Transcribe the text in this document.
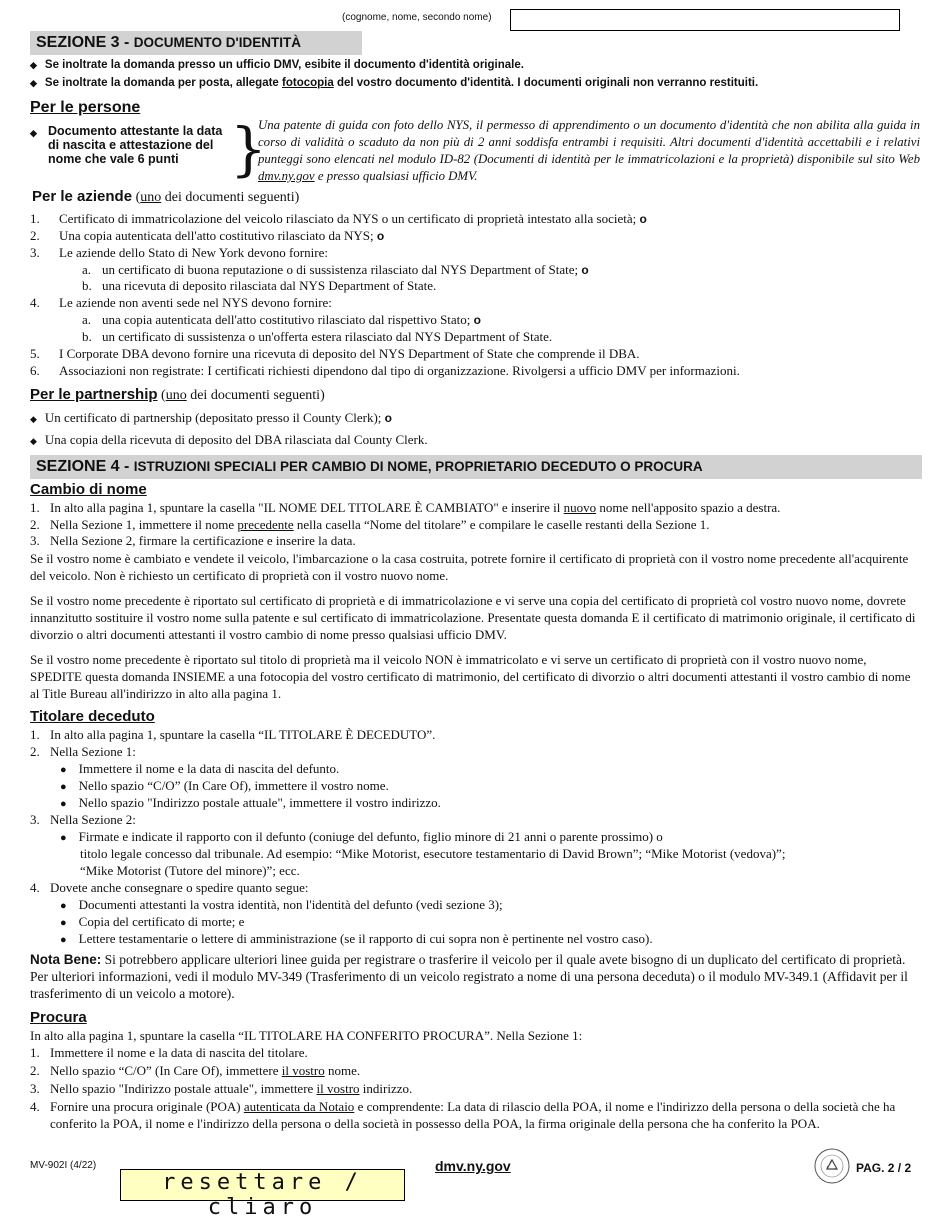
(cognome, nome, secondo nome)
SEZIONE 3 - DOCUMENTO D'IDENTITÀ
◆ Se inoltrate la domanda presso un ufficio DMV, esibite il documento d'identità originale.
◆ Se inoltrate la domanda per posta, allegate fotocopia del vostro documento d'identità. I documenti originali non verranno restituiti.
Per le persone
◆ Documento attestante la data di nascita e attestazione del nome che vale 6 punti }
Una patente di guida con foto dello NYS, il permesso di apprendimento o un documento d'identità che non abilita alla guida in corso di validità o scaduto da non più di 2 anni soddisfa entrambi i requisiti. Altri documenti d'identità accettabili e i relativi punteggi sono elencati nel modulo ID-82 (Documenti di identità per le immatricolazioni e la proprietà) disponibile sul sito Web dmv.ny.gov e presso qualsiasi ufficio DMV.
Per le aziende (uno dei documenti seguenti)
1. Certificato di immatricolazione del veicolo rilasciato da NYS o un certificato di proprietà intestato alla società; o
2. Una copia autenticata dell'atto costitutivo rilasciato da NYS; o
3. Le aziende dello Stato di New York devono fornire:
a. un certificato di buona reputazione o di sussistenza rilasciato dal NYS Department of State; o
b. una ricevuta di deposito rilasciata dal NYS Department of State.
4. Le aziende non aventi sede nel NYS devono fornire:
a. una copia autenticata dell'atto costitutivo rilasciato dal rispettivo Stato; o
b. un certificato di sussistenza o un'offerta estera rilasciato dal NYS Department of State.
5. I Corporate DBA devono fornire una ricevuta di deposito del NYS Department of State che comprende il DBA.
6. Associazioni non registrate: I certificati richiesti dipendono dal tipo di organizzazione. Rivolgersi a ufficio DMV per informazioni.
Per le partnership (uno dei documenti seguenti)
◆ Un certificato di partnership (depositato presso il County Clerk); o
◆ Una copia della ricevuta di deposito del DBA rilasciata dal County Clerk.
SEZIONE 4 - ISTRUZIONI SPECIALI PER CAMBIO DI NOME, PROPRIETARIO DECEDUTO O PROCURA
Cambio di nome
1. In alto alla pagina 1, spuntare la casella "IL NOME DEL TITOLARE È CAMBIATO" e inserire il nuovo nome nell'apposito spazio a destra.
2. Nella Sezione 1, immettere il nome precedente nella casella “Nome del titolare” e compilare le caselle restanti della Sezione 1.
3. Nella Sezione 2, firmare la certificazione e inserire la data.
Se il vostro nome è cambiato e vendete il veicolo, l'imbarcazione o la casa costruita, potrete fornire il certificato di proprietà con il vostro nome precedente all'acquirente del veicolo. Non è richiesto un certificato di proprietà con il vostro nuovo nome.
Se il vostro nome precedente è riportato sul certificato di proprietà e di immatricolazione e vi serve una copia del certificato di proprietà col vostro nuovo nome, dovrete innanzitutto sostituire il vostro nome sulla patente e sul certificato di immatricolazione. Presentate questa domanda E il certificato di matrimonio originale, il certificato di divorzio o altri documenti attestanti il vostro cambio di nome presso qualsiasi ufficio DMV.
Se il vostro nome precedente è riportato sul titolo di proprietà ma il veicolo NON è immatricolato e vi serve un certificato di proprietà con il vostro nuovo nome, SPEDITE questa domanda INSIEME a una fotocopia del vostro certificato di matrimonio, del certificato di divorzio o altri documenti attestanti il vostro cambio di nome al Title Bureau all'indirizzo in alto alla pagina 1.
Titolare deceduto
1. In alto alla pagina 1, spuntare la casella “IL TITOLARE È DECEDUTO”.
2. Nella Sezione 1:
● Immettere il nome e la data di nascita del defunto.
● Nello spazio “C/O” (In Care Of), immettere il vostro nome.
● Nello spazio "Indirizzo postale attuale", immettere il vostro indirizzo.
3. Nella Sezione 2:
● Firmate e indicate il rapporto con il defunto (coniuge del defunto, figlio minore di 21 anni o parente prossimo) o
titolo legale concesso dal tribunale. Ad esempio: “Mike Motorist, esecutore testamentario di David Brown”; “Mike Motorist (vedova)”;
“Mike Motorist (Tutore del minore)”; ecc.
4. Dovete anche consegnare o spedire quanto segue:
● Documenti attestanti la vostra identità, non l'identità del defunto (vedi sezione 3);
● Copia del certificato di morte; e
● Lettere testamentarie o lettere di amministrazione (se il rapporto di cui sopra non è pertinente nel vostro caso).
Nota Bene: Si potrebbero applicare ulteriori linee guida per registrare o trasferire il veicolo per il quale avete bisogno di un duplicato del certificato di proprietà. Per ulteriori informazioni, vedi il modulo MV-349 (Trasferimento di un veicolo registrato a nome di una persona deceduta) o il modulo MV-349.1 (Affidavit per il trasferimento di un veicolo a motore).
Procura
In alto alla pagina 1, spuntare la casella “IL TITOLARE HA CONFERITO PROCURA”. Nella Sezione 1:
1. Immettere il nome e la data di nascita del titolare.
2. Nello spazio “C/O” (In Care Of), immettere il vostro nome.
3. Nello spazio "Indirizzo postale attuale", immettere il vostro indirizzo.
4. Fornire una procura originale (POA) autenticata da Notaio e comprendente: La data di rilascio della POA, il nome e l'indirizzo della persona o della società che ha conferito la POA, il nome e l'indirizzo della persona o della società in possesso della POA, la firma originale della persona che ha conferito la POA.
MV-902I (4/22)
resettare / cliaro
dmv.ny.gov	PAG. 2 / 2
